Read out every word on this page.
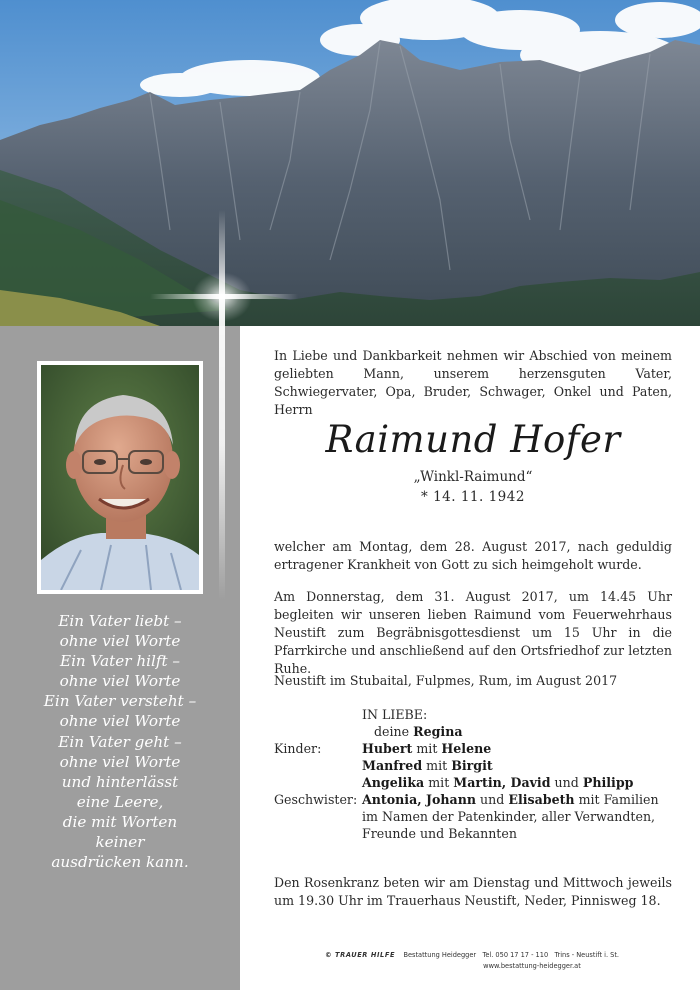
Ein Vater liebt –
ohne viel Worte
Ein Vater hilft –
ohne viel Worte
Ein Vater versteht –
ohne viel Worte
Ein Vater geht –
ohne viel Worte
und hinterlässt
eine Leere,
die mit Worten
keiner
ausdrücken kann.
In Liebe und Dankbarkeit nehmen wir Abschied von meinem geliebten Mann, unserem herzensguten Vater, Schwiegervater, Opa, Bruder, Schwager, Onkel und Paten, Herrn
Raimund Hofer
„Winkl-Raimund“
* 14. 11. 1942
welcher am Montag, dem 28. August 2017, nach geduldig ertragener Krankheit von Gott zu sich heimgeholt wurde.
Am Donnerstag, dem 31. August 2017, um 14.45 Uhr begleiten wir unseren lieben Raimund vom Feuerwehrhaus Neustift zum Begräbnisgottesdienst um 15 Uhr in die Pfarrkirche und anschließend auf den Ortsfriedhof zur letzten Ruhe.
Neustift im Stubaital, Fulpmes, Rum, im August 2017
IN LIEBE:
deine Regina
Kinder:	Hubert mit Helene
Manfred mit Birgit
Angelika mit Martin, David und Philipp
Geschwister: Antonia, Johann und Elisabeth mit Familien
im Namen der Patenkinder, aller Verwandten,
Freunde und Bekannten
Den Rosenkranz beten wir am Dienstag und Mittwoch jeweils um 19.30 Uhr im Trauerhaus Neustift, Neder, Pinnisweg 18.
© TRAUER HILFE Bestattung Heidegger Tel. 050 17 17 - 110 Trins - Neustift i. St.
www.bestattung-heidegger.at
